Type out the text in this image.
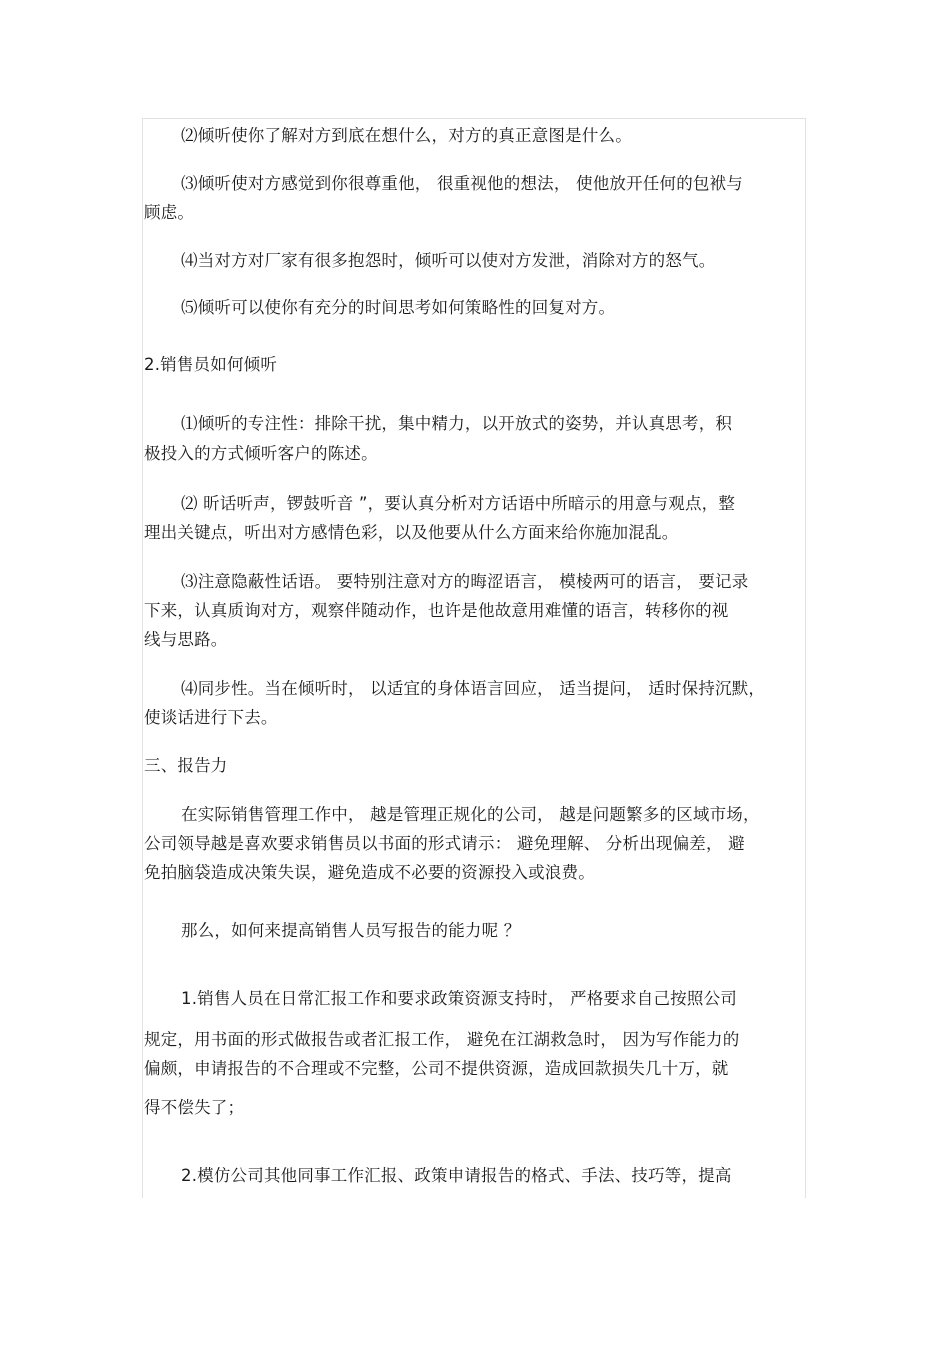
⑵倾听使你了解对方到底在想什么，对方的真正意图是什么。

⑶倾听使对方感觉到你很尊重他， 很重视他的想法， 使他放开任何的包袱与

顾虑。

⑷当对方对厂家有很多抱怨时，倾听可以使对方发泄，消除对方的怒气。

⑸倾听可以使你有充分的时间思考如何策略性的回复对方。

2.销售员如何倾听

⑴倾听的专注性：排除干扰，集中精力，以开放式的姿势，并认真思考，积

极投入的方式倾听客户的陈述。

⑵ 昕话听声，锣鼓听音 ”，要认真分析对方话语中所暗示的用意与观点，整

理出关键点，听出对方感情色彩，以及他要从什么方面来给你施加混乱。

⑶注意隐蔽性话语。 要特别注意对方的晦涩语言， 模棱两可的语言， 要记录

下来，认真质询对方，观察伴随动作，也许是他故意用难懂的语言，转移你的视

线与思路。

⑷同步性。当在倾听时， 以适宜的身体语言回应， 适当提问， 适时保持沉默，

使谈话进行下去。

三、报告力

在实际销售管理工作中， 越是管理正规化的公司， 越是问题繁多的区域市场，

公司领导越是喜欢要求销售员以书面的形式请示： 避免理解、 分析出现偏差， 避

免拍脑袋造成决策失误，避免造成不必要的资源投入或浪费。

那么，如何来提高销售人员写报告的能力呢 ？

1.销售人员在日常汇报工作和要求政策资源支持时， 严格要求自己按照公司

规定，用书面的形式做报告或者汇报工作， 避免在江湖救急时， 因为写作能力的

偏颇，申请报告的不合理或不完整，公司不提供资源，造成回款损失几十万，就

得不偿失了；

2.模仿公司其他同事工作汇报、政策申请报告的格式、手法、技巧等，提高
